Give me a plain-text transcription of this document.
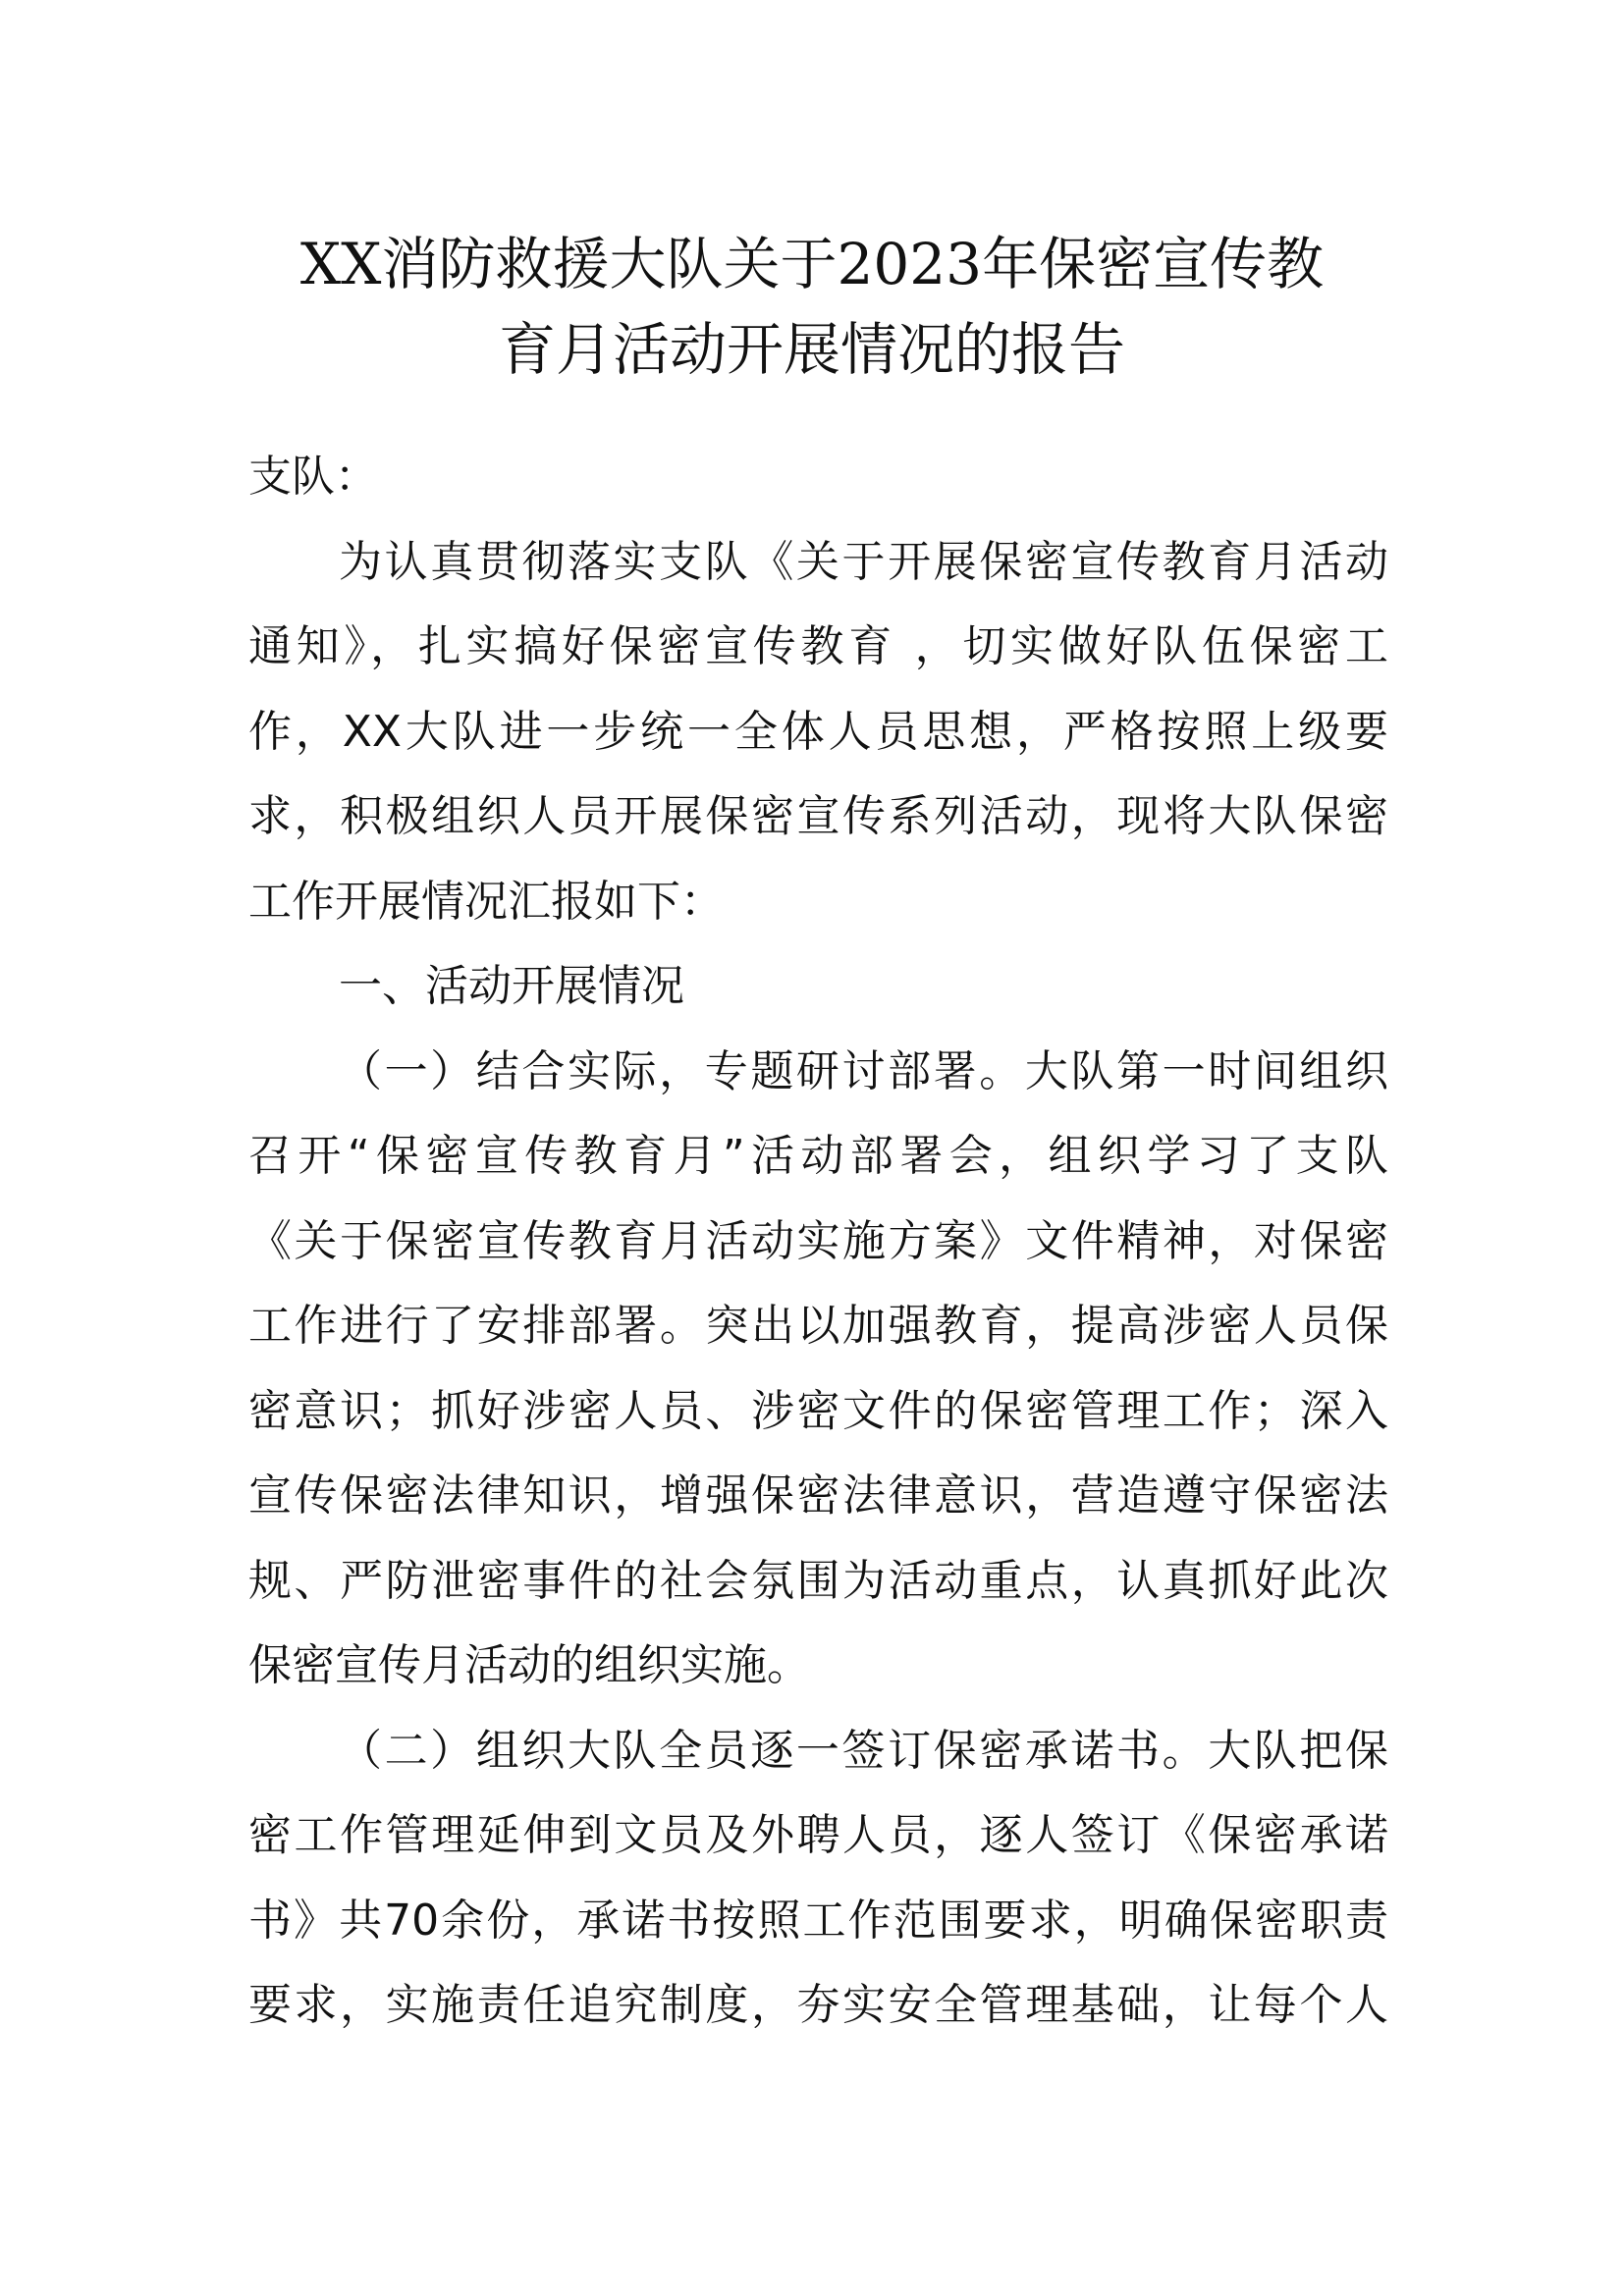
XX消防救援大队关于2023年保密宣传教
育月活动开展情况的报告
支队：
为认真贯彻落实支队《关于开展保密宣传教育月活动
通知》，扎实搞好保密宣传教育 ，切实做好队伍保密工
作，XX大队进一步统一全体人员思想，严格按照上级要
求，积极组织人员开展保密宣传系列活动，现将大队保密
工作开展情况汇报如下：
一、活动开展情况
（一）结合实际，专题研讨部署。大队第一时间组织
召开“保密宣传教育月”活动部署会，组织学习了支队
《关于保密宣传教育月活动实施方案》文件精神，对保密
工作进行了安排部署。突出以加强教育，提高涉密人员保
密意识；抓好涉密人员、涉密文件的保密管理工作；深入
宣传保密法律知识，增强保密法律意识，营造遵守保密法
规、严防泄密事件的社会氛围为活动重点，认真抓好此次
保密宣传月活动的组织实施。
（二）组织大队全员逐一签订保密承诺书。大队把保
密工作管理延伸到文员及外聘人员，逐人签订《保密承诺
书》共70余份，承诺书按照工作范围要求，明确保密职责
要求，实施责任追究制度，夯实安全管理基础，让每个人
